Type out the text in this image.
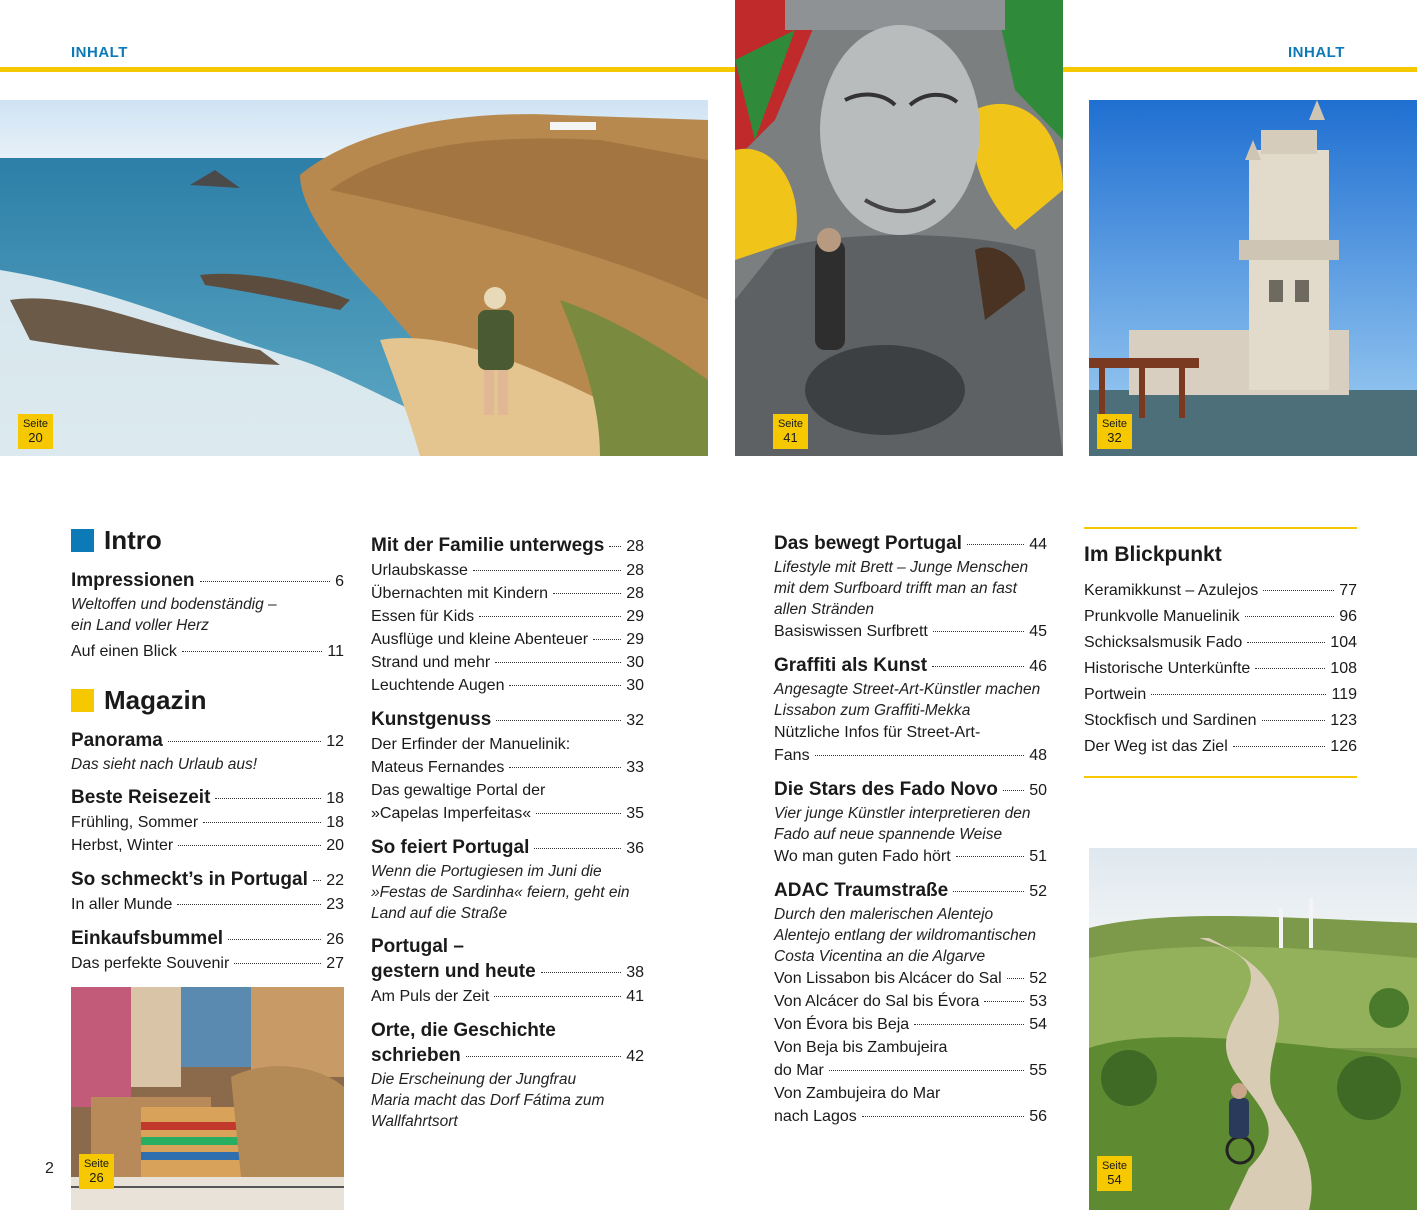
INHALT	INHALT
Seite
20
Seite
41
Seite
32
Intro
Impressionen	6
Weltoffen und bodenständig –
ein Land voller Herz
Auf einen Blick	11
Magazin
Panorama	12
Das sieht nach Urlaub aus!
Beste Reisezeit	18
Frühling, Sommer	18
Herbst, Winter	20
So schmeckt’s in Portugal 22
In aller Munde	23
Einkaufsbummel	26
Das perfekte Souvenir	27
Seite
26
2
Mit der Familie unterwegs 28
Urlaubskasse	28
Übernachten mit Kindern	28
Essen für Kids	29
Ausflüge und kleine Abenteuer 29
Strand und mehr	30
Leuchtende Augen	30
Kunstgenuss	32
Der Erfinder der Manuelinik:
Mateus Fernandes	33
Das gewaltige Portal der
»Capelas Imperfeitas«	35
So feiert Portugal	36
Wenn die Portugiesen im Juni die
»Festas de Sardinha« feiern, geht ein
Land auf die Straße
Portugal –
gestern und heute	38
Am Puls der Zeit	41
Orte, die Geschichte
schrieben	42
Die Erscheinung der Jungfrau
Maria macht das Dorf Fátima zum
Wallfahrtsort
Das bewegt Portugal	44
Lifestyle mit Brett – Junge Menschen
mit dem Surfboard trifft man an fast
allen Stränden
Basiswissen Surfbrett	45
Graffiti als Kunst	46
Angesagte Street-Art-Künstler machen
Lissabon zum Graffiti-Mekka
Nützliche Infos für Street-Art-
Fans	48
Die Stars des Fado Novo 50
Vier junge Künstler interpretieren den
Fado auf neue spannende Weise
Wo man guten Fado hört	51
ADAC Traumstraße	52
Durch den malerischen Alentejo
Alentejo entlang der wildromantischen
Costa Vicentina an die Algarve
Von Lissabon bis Alcácer do Sal 52
Von Alcácer do Sal bis Évora	53
Von Évora bis Beja	54
Von Beja bis Zambujeira
do Mar	55
Von Zambujeira do Mar
nach Lagos	56
Im Blickpunkt
Keramikkunst – Azulejos	77
Prunkvolle Manuelinik	96
Schicksalsmusik Fado	104
Historische Unterkünfte	108
Portwein	119
Stockfisch und Sardinen	123
Der Weg ist das Ziel	126
Seite
54
